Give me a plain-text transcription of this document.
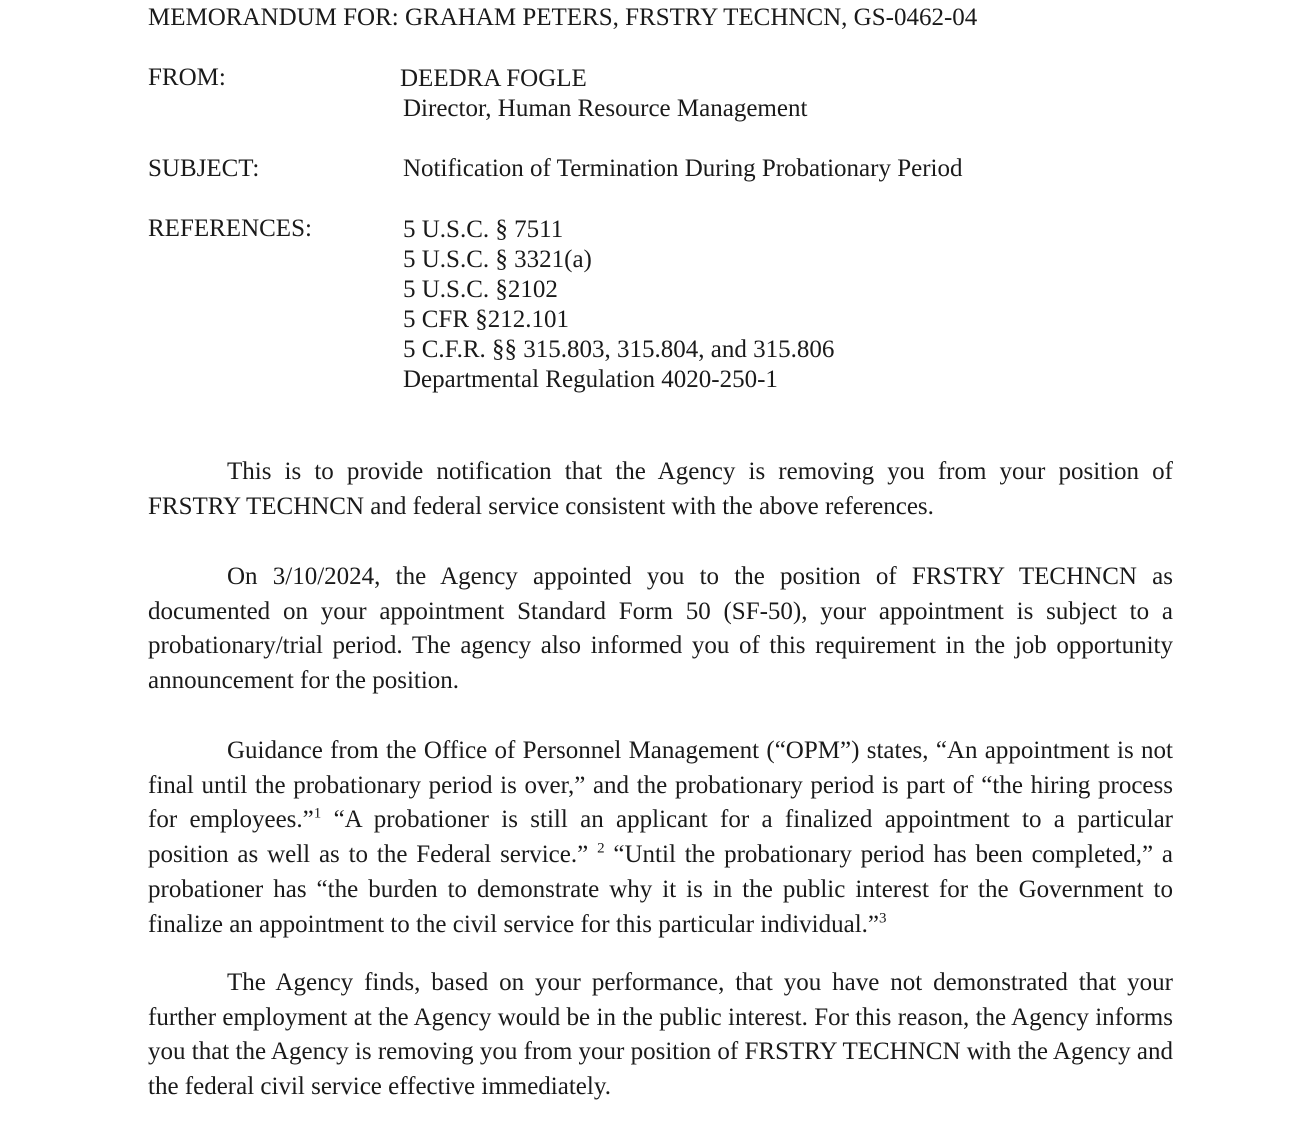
MEMORANDUM FOR: GRAHAM PETERS, FRSTRY TECHNCN, GS-0462-04
FROM:	DEEDRA FOGLE
Director, Human Resource Management
SUBJECT:	Notification of Termination During Probationary Period
REFERENCES:	5 U.S.C. § 7511
5 U.S.C. § 3321(a)
5 U.S.C. §2102
5 CFR §212.101
5 C.F.R. §§ 315.803, 315.804, and 315.806
Departmental Regulation 4020-250-1
This is to provide notification that the Agency is removing you from your position of FRSTRY TECHNCN and federal service consistent with the above references.
On 3/10/2024, the Agency appointed you to the position of FRSTRY TECHNCN as documented on your appointment Standard Form 50 (SF-50), your appointment is subject to a probationary/trial period. The agency also informed you of this requirement in the job opportunity announcement for the position.
Guidance from the Office of Personnel Management (“OPM”) states, “An appointment is not final until the probationary period is over,” and the probationary period is part of “the hiring process for employees.”$^1$ “A probationer is still an applicant for a finalized appointment to a particular position as well as to the Federal service.” $^2$ “Until the probationary period has been completed,” a probationer has “the burden to demonstrate why it is in the public interest for the Government to finalize an appointment to the civil service for this particular individual.”$^3$
The Agency finds, based on your performance, that you have not demonstrated that your further employment at the Agency would be in the public interest. For this reason, the Agency informs you that the Agency is removing you from your position of FRSTRY TECHNCN with the Agency and the federal civil service effective immediately.
